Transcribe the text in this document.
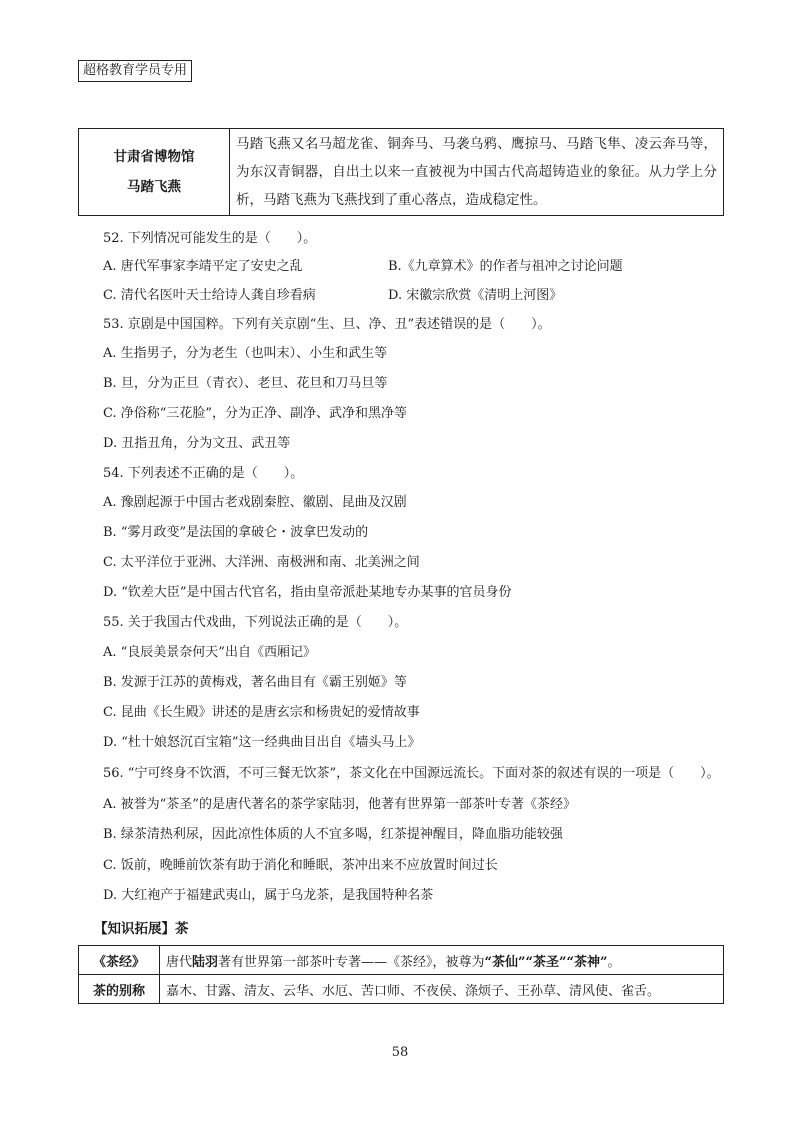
超格教育学员专用
甘肃省博物馆
马踏飞燕
	马踏飞燕又名马超龙雀、铜奔马、马袭乌鸦、鹰掠马、马踏飞隼、凌云奔马等，为东汉青铜器，自出土以来一直被视为中国古代高超铸造业的象征。从力学上分析，马踏飞燕为飞燕找到了重心落点，造成稳定性。
52. 下列情况可能发生的是（　　）。
A. 唐代军事家李靖平定了安史之乱	B.《九章算术》的作者与祖冲之讨论问题
C. 清代名医叶天士给诗人龚自珍看病	D. 宋徽宗欣赏《清明上河图》
53. 京剧是中国国粹。下列有关京剧“生、旦、净、丑”表述错误的是（　　）。
A. 生指男子，分为老生（也叫末）、小生和武生等
B. 旦，分为正旦（青衣）、老旦、花旦和刀马旦等
C. 净俗称“三花脸”，分为正净、副净、武净和黑净等
D. 丑指丑角，分为文丑、武丑等
54. 下列表述不正确的是（　　）。
A. 豫剧起源于中国古老戏剧秦腔、徽剧、昆曲及汉剧
B. “雾月政变”是法国的拿破仑・波拿巴发动的
C. 太平洋位于亚洲、大洋洲、南极洲和南、北美洲之间
D. “钦差大臣”是中国古代官名，指由皇帝派赴某地专办某事的官员身份
55. 关于我国古代戏曲，下列说法正确的是（　　）。
A. “良辰美景奈何天”出自《西厢记》
B. 发源于江苏的黄梅戏，著名曲目有《霸王别姬》等
C. 昆曲《长生殿》讲述的是唐玄宗和杨贵妃的爱情故事
D. “杜十娘怒沉百宝箱”这一经典曲目出自《墙头马上》
56. “宁可终身不饮酒，不可三餐无饮茶”，茶文化在中国源远流长。下面对茶的叙述有误的一项是（　　）。
A. 被誉为“茶圣”的是唐代著名的茶学家陆羽，他著有世界第一部茶叶专著《茶经》
B. 绿茶清热利尿，因此凉性体质的人不宜多喝，红茶提神醒目，降血脂功能较强
C. 饭前，晚睡前饮茶有助于消化和睡眠，茶冲出来不应放置时间过长
D. 大红袍产于福建武夷山，属于乌龙茶，是我国特种名茶
【知识拓展】茶
《茶经》	唐代陆羽著有世界第一部茶叶专著——《茶经》，被尊为“茶仙”“茶圣”“茶神”。
茶的别称	嘉木、甘露、清友、云华、水厄、苦口师、不夜侯、涤烦子、王孙草、清风使、雀舌。
58
